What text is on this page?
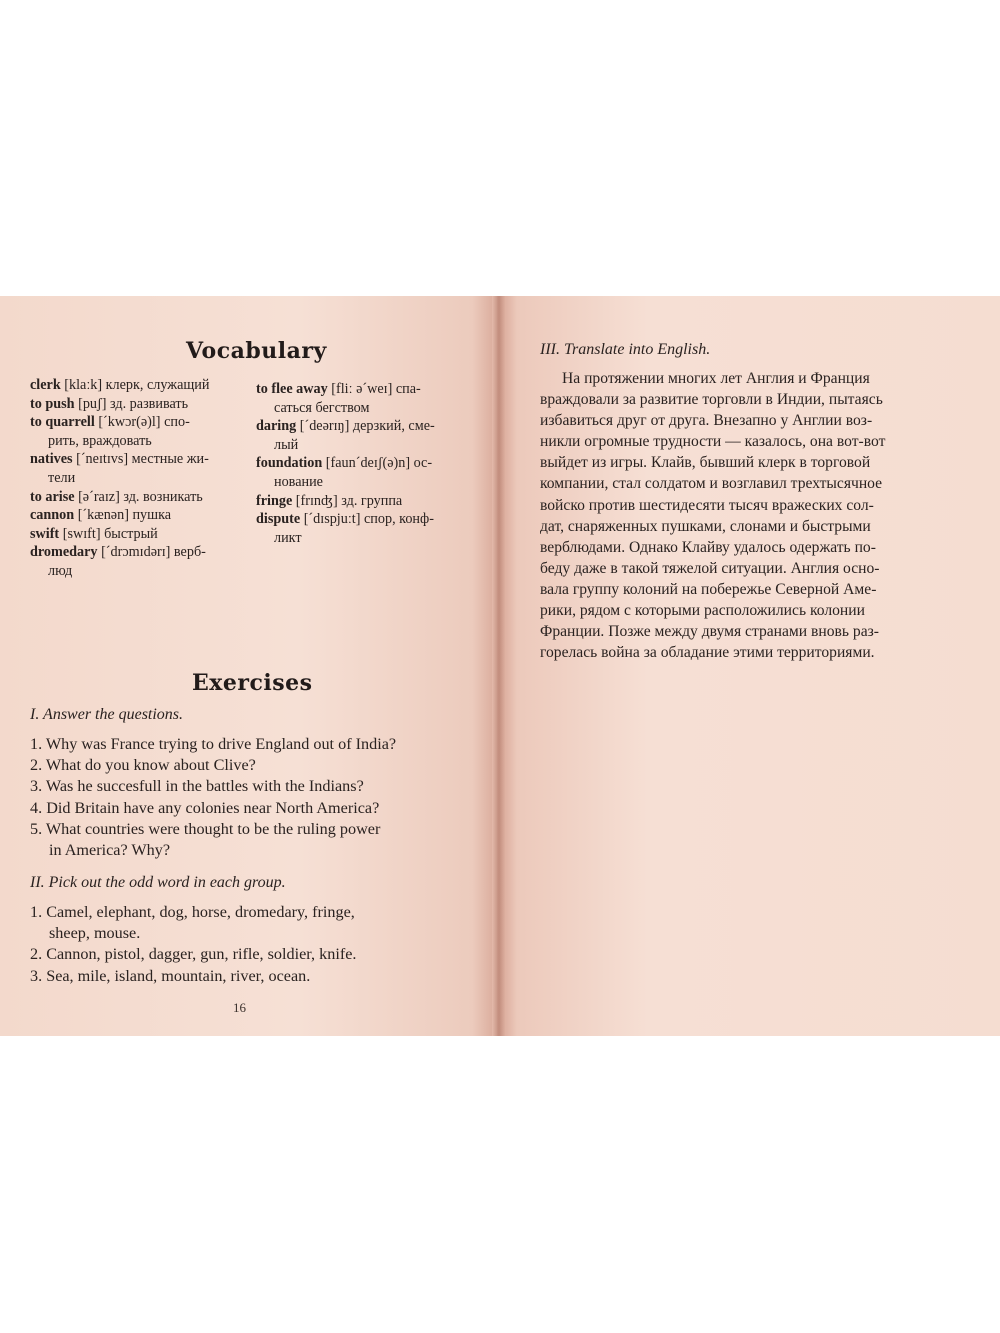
Vocabulary
clerk [klaːk] клерк, служащий
to push [puʃ] зд. развивать
to quarrell [ˊkwɔr(ə)l] спо-
рить, враждовать
natives [ˊneɪtɪvs] местные жи-
тели
to arise [əˊraɪz] зд. возникать
cannon [ˊkænən] пушка
swift [swɪft] быстрый
dromedary [ˊdrɔmɪdərɪ] верб-
люд
to flee away [fliː əˊweɪ] спа-
саться бегством
daring [ˊdeərɪŋ] дерзкий, сме-
лый
foundation [faunˊdeɪʃ(ə)n] ос-
нование
fringe [frɪnʤ] зд. группа
dispute [ˊdɪspjuːt] спор, конф-
ликт
Exercises
I. Answer the questions.
1. Why was France trying to drive England out of India?
2. What do you know about Clive?
3. Was he succesfull in the battles with the Indians?
4. Did Britain have any colonies near North America?
5. What countries were thought to be the ruling power
in America? Why?
II. Pick out the odd word in each group.
1. Camel, elephant, dog, horse, dromedary, fringe,
sheep, mouse.
2. Cannon, pistol, dagger, gun, rifle, soldier, knife.
3. Sea, mile, island, mountain, river, ocean.
16
III. Translate into English.
На протяжении многих лет Англия и Франция
враждовали за развитие торговли в Индии, пытаясь
избавиться друг от друга. Внезапно у Англии воз-
никли огромные трудности — казалось, она вот-вот
выйдет из игры. Клайв, бывший клерк в торговой
компании, стал солдатом и возглавил трехтысячное
войско против шестидесяти тысяч вражеских сол-
дат, снаряженных пушками, слонами и быстрыми
верблюдами. Однако Клайву удалось одержать по-
беду даже в такой тяжелой ситуации. Англия осно-
вала группу колоний на побережье Северной Аме-
рики, рядом с которыми расположились колонии
Франции. Позже между двумя странами вновь раз-
горелась война за обладание этими территориями.
